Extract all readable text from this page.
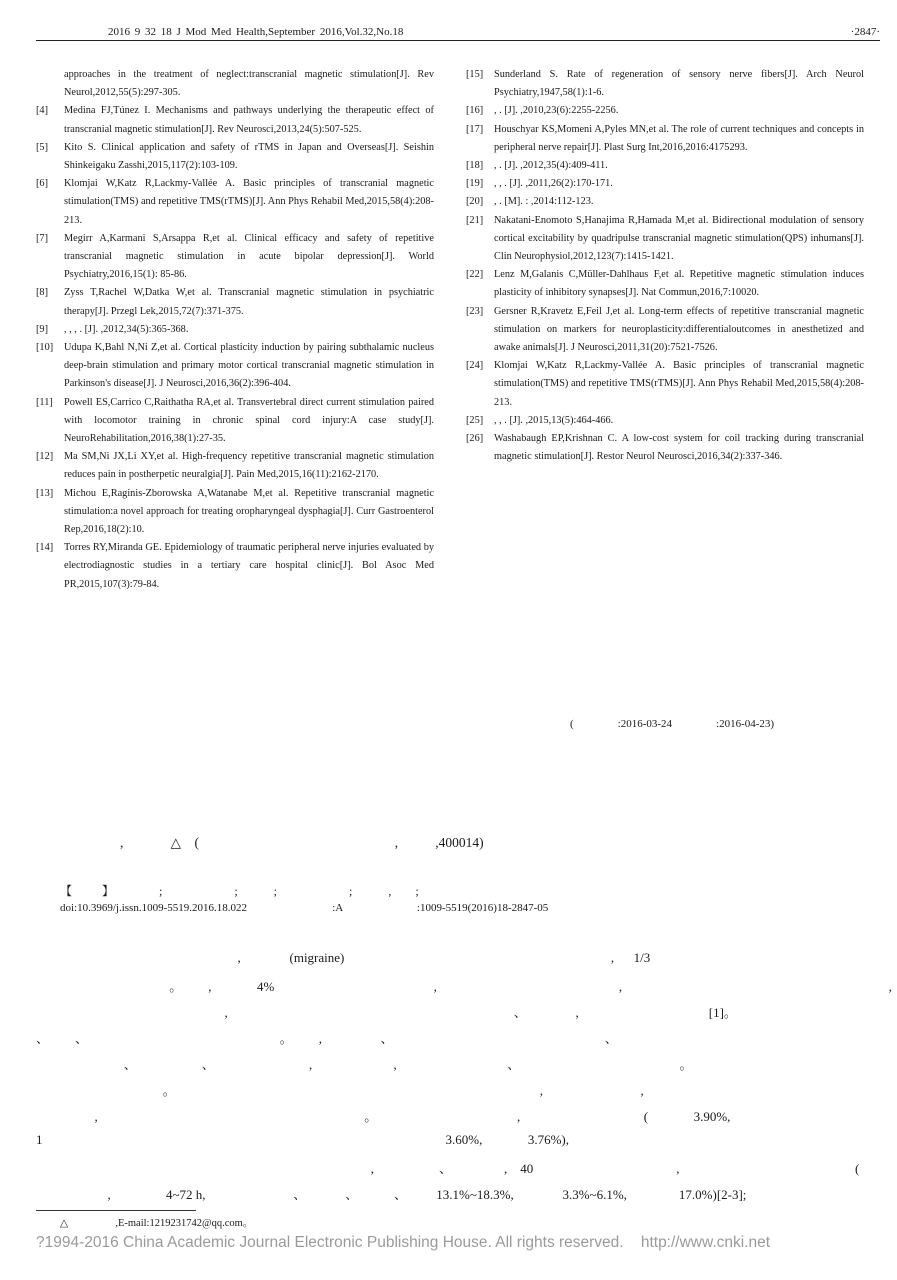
2016 9 32 18 J Mod Med Health,September 2016,Vol.32,No.18	·2847·
approaches in the treatment of neglect:transcranial magnetic stimulation[J]. Rev Neurol,2012,55(5):297-305.
[4]	Medina FJ,Túnez I. Mechanisms and pathways underlying the therapeutic effect of transcranial magnetic stimulation[J]. Rev Neurosci,2013,24(5):507-525.
[5]	Kito S. Clinical application and safety of rTMS in Japan and Overseas[J]. Seishin Shinkeigaku Zasshi,2015,117(2):103-109.
[6]	Klomjai W,Katz R,Lackmy-Vallée A. Basic principles of transcranial magnetic stimulation(TMS) and repetitive TMS(rTMS)[J]. Ann Phys Rehabil Med,2015,58(4):208-213.
[7]	Megirr A,Karmani S,Arsappa R,et al. Clinical efficacy and safety of repetitive transcranial magnetic stimulation in acute bipolar depression[J]. World Psychiatry,2016,15(1): 85-86.
[8]	Zyss T,Rachel W,Datka W,et al. Transcranial magnetic stimulation in psychiatric therapy[J]. Przegl Lek,2015,72(7):371-375.
[9]	, , , . [J]. ,2012,34(5):365-368.
[10]	Udupa K,Bahl N,Ni Z,et al. Cortical plasticity induction by pairing subthalamic nucleus deep-brain stimulation and primary motor cortical transcranial magnetic stimulation in Parkinson's disease[J]. J Neurosci,2016,36(2):396-404.
[11]	Powell ES,Carrico C,Raithatha RA,et al. Transvertebral direct current stimulation paired with locomotor training in chronic spinal cord injury:A case study[J]. NeuroRehabilitation,2016,38(1):27-35.
[12]	Ma SM,Ni JX,Li XY,et al. High-frequency repetitive transcranial magnetic stimulation reduces pain in postherpetic neuralgia[J]. Pain Med,2015,16(11):2162-2170.
[13]	Michou E,Raginis-Zborowska A,Watanabe M,et al. Repetitive transcranial magnetic stimulation:a novel approach for treating oropharyngeal dysphagia[J]. Curr Gastroenterol Rep,2016,18(2):10.
[14]	Torres RY,Miranda GE. Epidemiology of traumatic peripheral nerve injuries evaluated by electrodiagnostic studies in a tertiary care hospital clinic[J]. Bol Asoc Med PR,2015,107(3):79-84.
[15]	Sunderland S. Rate of regeneration of sensory nerve fibers[J]. Arch Neurol Psychiatry,1947,58(1):1-6.
[16]	, . [J]. ,2010,23(6):2255-2256.
[17]	Houschyar KS,Momeni A,Pyles MN,et al. The role of current techniques and concepts in peripheral nerve repair[J]. Plast Surg Int,2016,2016:4175293.
[18]	, . [J]. ,2012,35(4):409-411.
[19]	, , . [J]. ,2011,26(2):170-171.
[20]	, . [M]. : ,2014:112-123.
[21]	Nakatani-Enomoto S,Hanajima R,Hamada M,et al. Bidirectional modulation of sensory cortical excitability by quadripulse transcranial magnetic stimulation(QPS) inhumans[J]. Clin Neurophysiol,2012,123(7):1415-1421.
[22]	Lenz M,Galanis C,Müller-Dahlhaus F,et al. Repetitive magnetic stimulation induces plasticity of inhibitory synapses[J]. Nat Commun,2016,7:10020.
[23]	Gersner R,Kravetz E,Feil J,et al. Long-term effects of repetitive transcranial magnetic stimulation on markers for neuroplasticity:differentialoutcomes in anesthetized and awake animals[J]. J Neurosci,2011,31(20):7521-7526.
[24]	Klomjai W,Katz R,Lackmy-Vallée A. Basic principles of transcranial magnetic stimulation(TMS) and repetitive TMS(rTMS)[J]. Ann Phys Rehabil Med,2015,58(4):208-213.
[25]	, , . [J]. ,2015,13(5):464-466.
[26]	Washabaugh EP,Krishnan C. A low-cost system for coil tracking during transcranial magnetic stimulation[J]. Restor Neurol Neurosci,2016,34(2):337-346.
(                :2016-03-24                :2016-04-23)
,              △    (                                                          ,           ,400014)
【          】               ;                        ;            ;                        ;            ,        ;
doi:10.3969/j.issn.1009-5519.2016.18.022                               :A                           :1009-5519(2016)18-2847-05
,               (migraine)                                                                                  ,      1/3
。        ,              4%                                                 ,                                                        ,                                                                                  ,
,                                                                                        、               ,                                        [1]。
、        、                                                           。        ,                  、                                                                 、
、                    、                             ,                         ,                                  、                                                 。
。                                                                                                                ,                              ,
,                                                                                  。                                           ,                                      (              3.90%,
1                                                                                                                            3.60%,              3.76%),
,                    、                ,    40                                            ,                                                      (
,                 4~72 h,                           、            、           、         13.1%~18.3%,               3.3%~6.1%,                17.0%)[2-3];
△                  ,E-mail:1219231742@qq.com。
?1994-2016 China Academic Journal Electronic Publishing House. All rights reserved.    http://www.cnki.net
